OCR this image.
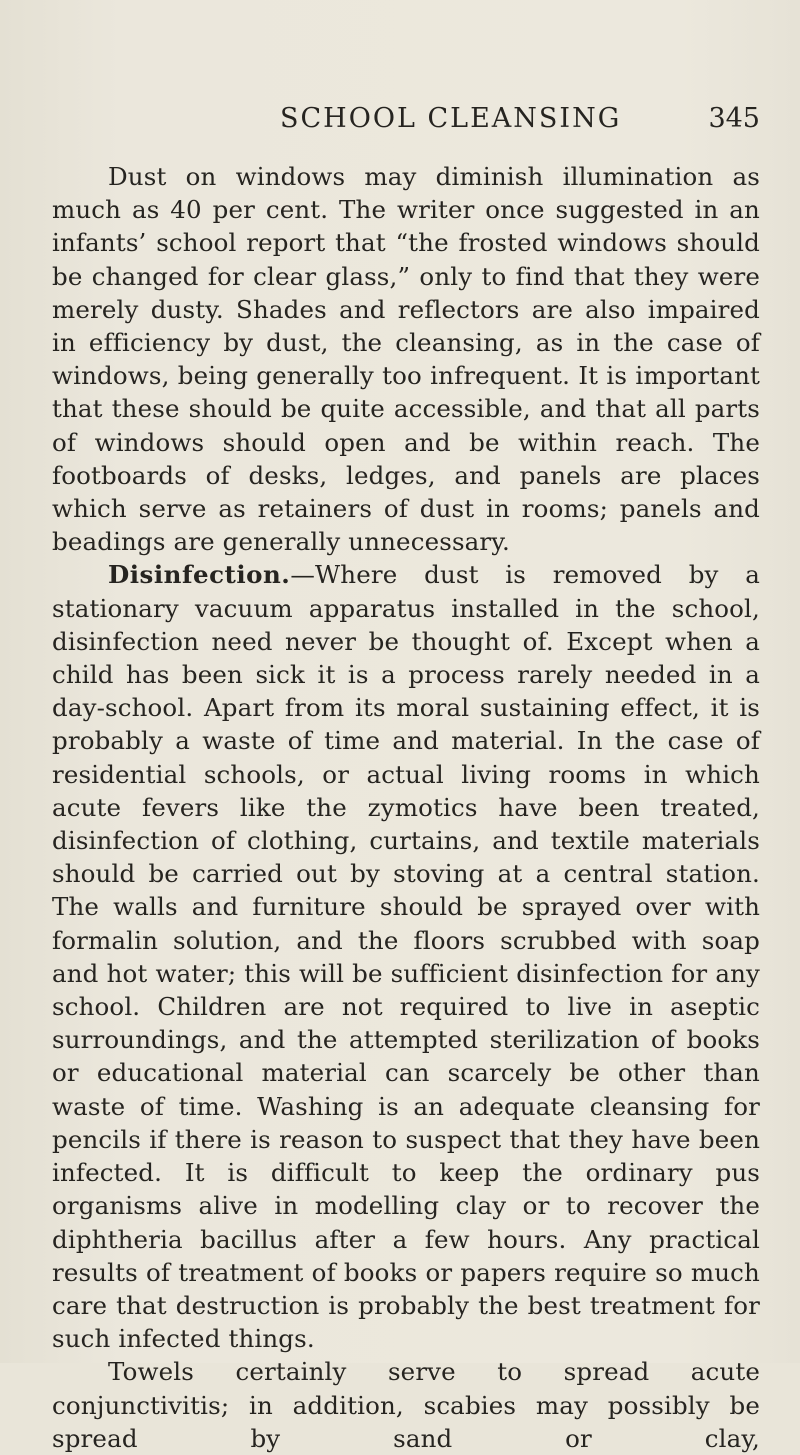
SCHOOL CLEANSING	345

Dust on windows may diminish illumination as much as 40 per cent. The writer once suggested in an infants’ school report that “the frosted windows should be changed for clear glass,” only to find that they were merely dusty. Shades and reflectors are also impaired in efficiency by dust, the cleansing, as in the case of windows, being generally too infrequent. It is important that these should be quite accessible, and that all parts of windows should open and be within reach. The footboards of desks, ledges, and panels are places which serve as retainers of dust in rooms; panels and beadings are generally unnecessary.

Disinfection.—Where dust is removed by a stationary vacuum apparatus installed in the school, disinfection need never be thought of. Except when a child has been sick it is a process rarely needed in a day-school. Apart from its moral sustaining effect, it is probably a waste of time and material. In the case of residential schools, or actual living rooms in which acute fevers like the zymotics have been treated, disinfection of clothing, curtains, and textile materials should be carried out by stoving at a central station. The walls and furniture should be sprayed over with formalin solution, and the floors scrubbed with soap and hot water; this will be sufficient disinfection for any school. Children are not required to live in aseptic surroundings, and the attempted sterilization of books or educational material can scarcely be other than waste of time. Washing is an adequate cleansing for pencils if there is reason to suspect that they have been infected. It is difficult to keep the ordinary pus organisms alive in modelling clay or to recover the diphtheria bacillus after a few hours. Any practical results of treatment of books or papers require so much care that destruction is probably the best treatment for such infected things.

Towels certainly serve to spread acute conjunctivitis; in addition, scabies may possibly be spread by sand or clay,
